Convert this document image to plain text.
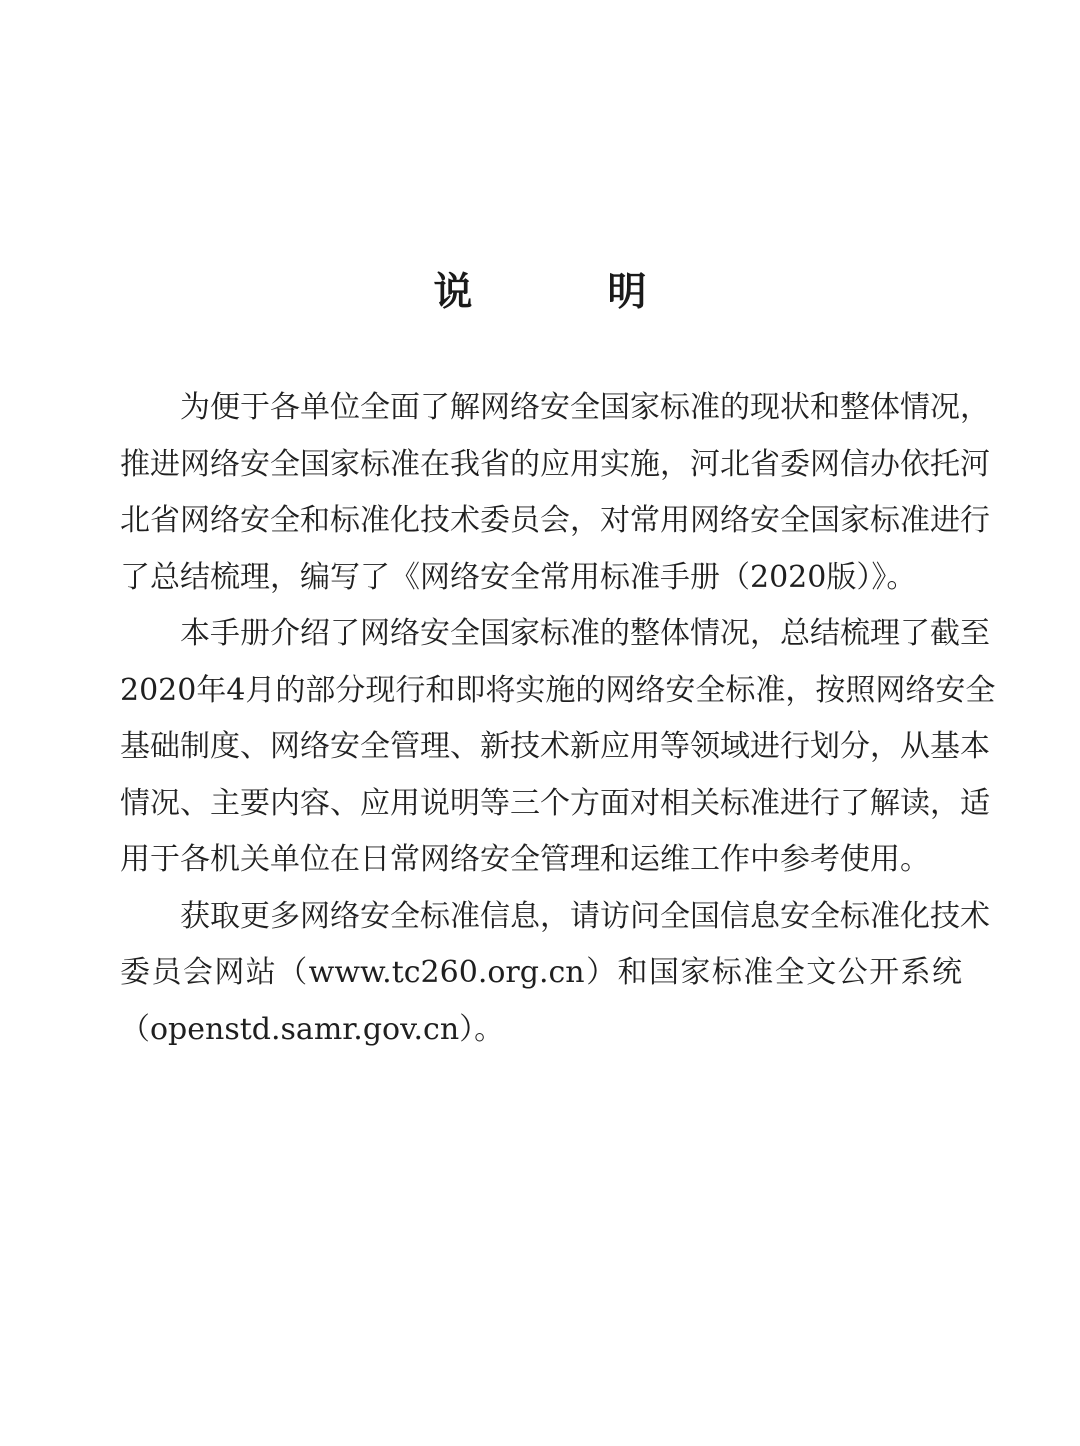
说　明
为便于各单位全面了解网络安全国家标准的现状和整体情况，
推进网络安全国家标准在我省的应用实施，河北省委网信办依托河
北省网络安全和标准化技术委员会，对常用网络安全国家标准进行
了总结梳理，编写了《网络安全常用标准手册（2020版）》。
本手册介绍了网络安全国家标准的整体情况，总结梳理了截至
2020年4月的部分现行和即将实施的网络安全标准，按照网络安全
基础制度、网络安全管理、新技术新应用等领域进行划分，从基本
情况、主要内容、应用说明等三个方面对相关标准进行了解读，适
用于各机关单位在日常网络安全管理和运维工作中参考使用。
获取更多网络安全标准信息，请访问全国信息安全标准化技术
委员会网站（www.tc260.org.cn）和国家标准全文公开系统
（openstd.samr.gov.cn）。
